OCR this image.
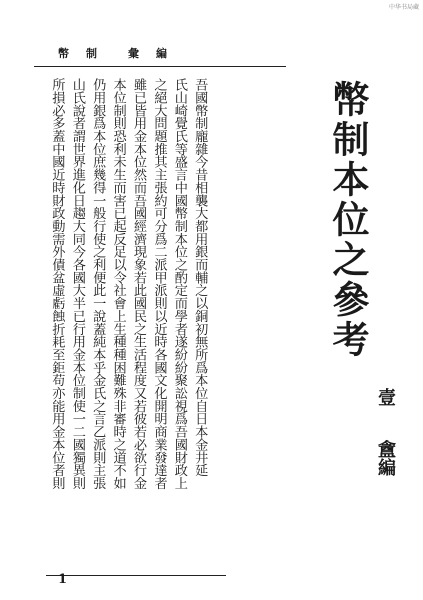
中华书局藏
幣 制	彙 編
幣制本位之參考
壹 盦編
吾國幣制龐雜今昔相襲大都用銀而輔之以銅初無所爲本位自日本金井延
氏山崎覺氏等盛言中國幣制本位之酌定而學者遂紛紛聚訟視爲吾國財政上
之絕大問題推其主張約可分爲二派甲派則以近時各國文化開明商業發達者
雖已皆用金本位然而吾國經濟現象若此國民之生活程度又若彼若必欲行金
本位制則恐利未生而害已起反足以令社會上生種種困難殊非審時之道不如
仍用銀爲本位庶幾得一般行使之利便此一說蓋純本乎金氏之言乙派則主張
山氏說者謂世界進化日趨大同今各國大半已行用金本位制使一二國獨異則
所損必多蓋中國近時財政動需外債盆虛虧蝕折耗至鉅苟亦能用金本位者則
1
